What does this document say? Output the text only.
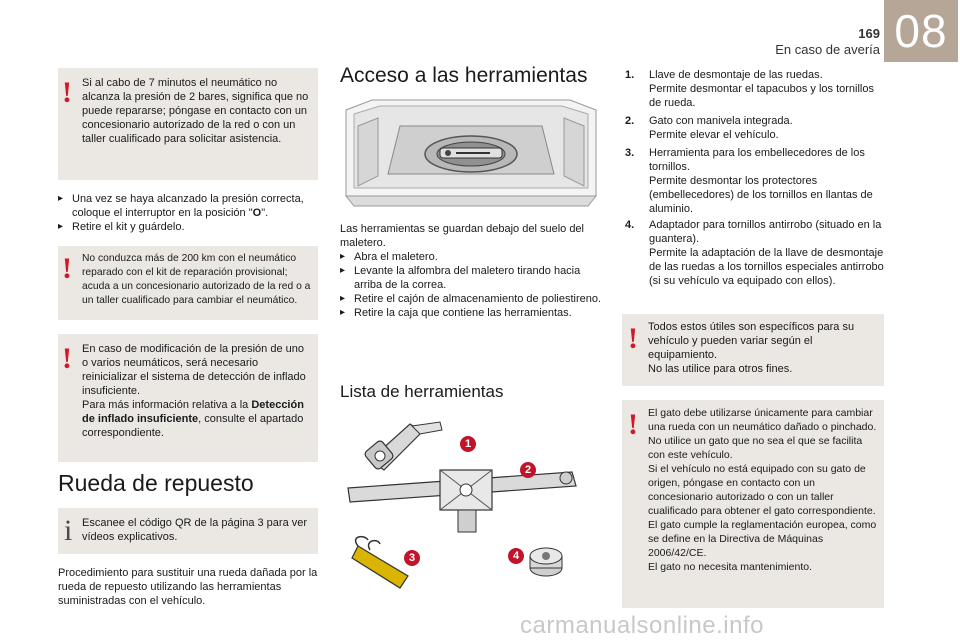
169
En caso de avería 08
! Si al cabo de 7 minutos el neumático no alcanza la presión de 2 bares, significa que no puede repararse; póngase en contacto con un concesionario autorizado de la red o con un taller cualificado para solicitar asistencia.
▸ Una vez se haya alcanzado la presión correcta, coloque el interruptor en la posición "O".
▸ Retire el kit y guárdelo.
! No conduzca más de 200 km con el neumático reparado con el kit de reparación provisional; acuda a un concesionario autorizado de la red o a un taller cualificado para cambiar el neumático.
! En caso de modificación de la presión de uno o varios neumáticos, será necesario reinicializar el sistema de detección de inflado insuficiente.
Para más información relativa a la Detección de inflado insuficiente, consulte el apartado correspondiente.
Rueda de repuesto
i Escanee el código QR de la página 3 para ver vídeos explicativos.
Procedimiento para sustituir una rueda dañada por la rueda de repuesto utilizando las herramientas suministradas con el vehículo.
Acceso a las herramientas
Las herramientas se guardan debajo del suelo del maletero.
▸ Abra el maletero.
▸ Levante la alfombra del maletero tirando hacia arriba de la correa.
▸ Retire el cajón de almacenamiento de poliestireno.
▸ Retire la caja que contiene las herramientas.
Lista de herramientas
1
2
3	4
1. Llave de desmontaje de las ruedas.
Permite desmontar el tapacubos y los tornillos de rueda.
2. Gato con manivela integrada.
Permite elevar el vehículo.
3. Herramienta para los embellecedores de los tornillos.
Permite desmontar los protectores (embellecedores) de los tornillos en llantas de aluminio.
4. Adaptador para tornillos antirrobo (situado en la guantera).
Permite la adaptación de la llave de desmontaje de las ruedas a los tornillos especiales antirrobo (si su vehículo va equipado con ellos).
! Todos estos útiles son específicos para su vehículo y pueden variar según el equipamiento.
No las utilice para otros fines.
! El gato debe utilizarse únicamente para cambiar una rueda con un neumático dañado o pinchado.
No utilice un gato que no sea el que se facilita con este vehículo.
Si el vehículo no está equipado con su gato de origen, póngase en contacto con un concesionario autorizado o con un taller cualificado para obtener el gato correspondiente.
El gato cumple la reglamentación europea, como se define en la Directiva de Máquinas 2006/42/CE.
El gato no necesita mantenimiento.
carmanualsonline.info
